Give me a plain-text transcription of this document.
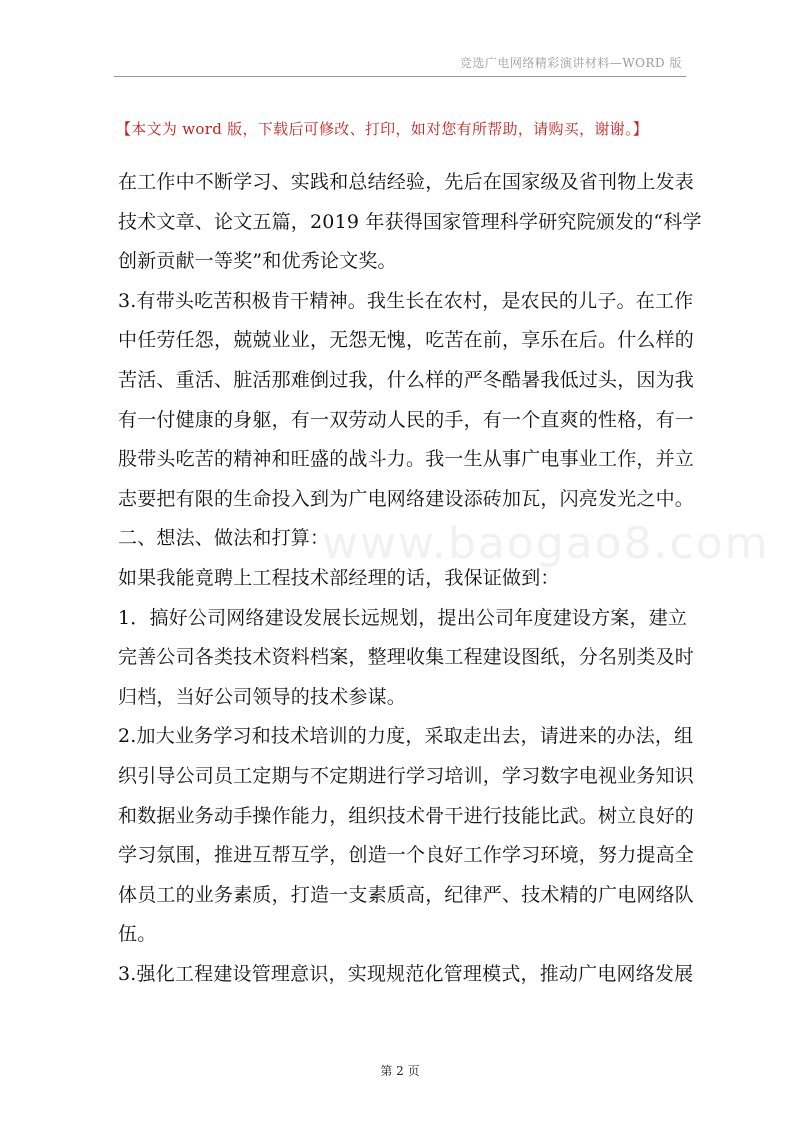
竞选广电网络精彩演讲材料—WORD 版
【本文为 word 版，下载后可修改、打印，如对您有所帮助，请购买，谢谢。】
www.baogao8.com

在工作中不断学习、实践和总结经验，先后在国家级及省刊物上发表
技术文章、论文五篇，2019 年获得国家管理科学研究院颁发的“科学
创新贡献一等奖”和优秀论文奖。

3.有带头吃苦积极肯干精神。我生长在农村，是农民的儿子。在工作
中任劳任怨，兢兢业业，无怨无愧，吃苦在前，享乐在后。什么样的
苦活、重活、脏活那难倒过我，什么样的严冬酷暑我低过头，因为我
有一付健康的身躯，有一双劳动人民的手，有一个直爽的性格，有一
股带头吃苦的精神和旺盛的战斗力。我一生从事广电事业工作，并立
志要把有限的生命投入到为广电网络建设添砖加瓦，闪亮发光之中。

二、想法、做法和打算：

如果我能竟聘上工程技术部经理的话，我保证做到：

1．搞好公司网络建设发展长远规划，提出公司年度建设方案，建立
完善公司各类技术资料档案，整理收集工程建设图纸，分名别类及时
归档，当好公司领导的技术参谋。

2.加大业务学习和技术培训的力度，采取走出去，请进来的办法，组
织引导公司员工定期与不定期进行学习培训，学习数字电视业务知识
和数据业务动手操作能力，组织技术骨干进行技能比武。树立良好的
学习氛围，推进互帮互学，创造一个良好工作学习环境，努力提高全
体员工的业务素质，打造一支素质高，纪律严、技术精的广电网络队
伍。

3.强化工程建设管理意识，实现规范化管理模式，推动广电网络发展

第 2 页
